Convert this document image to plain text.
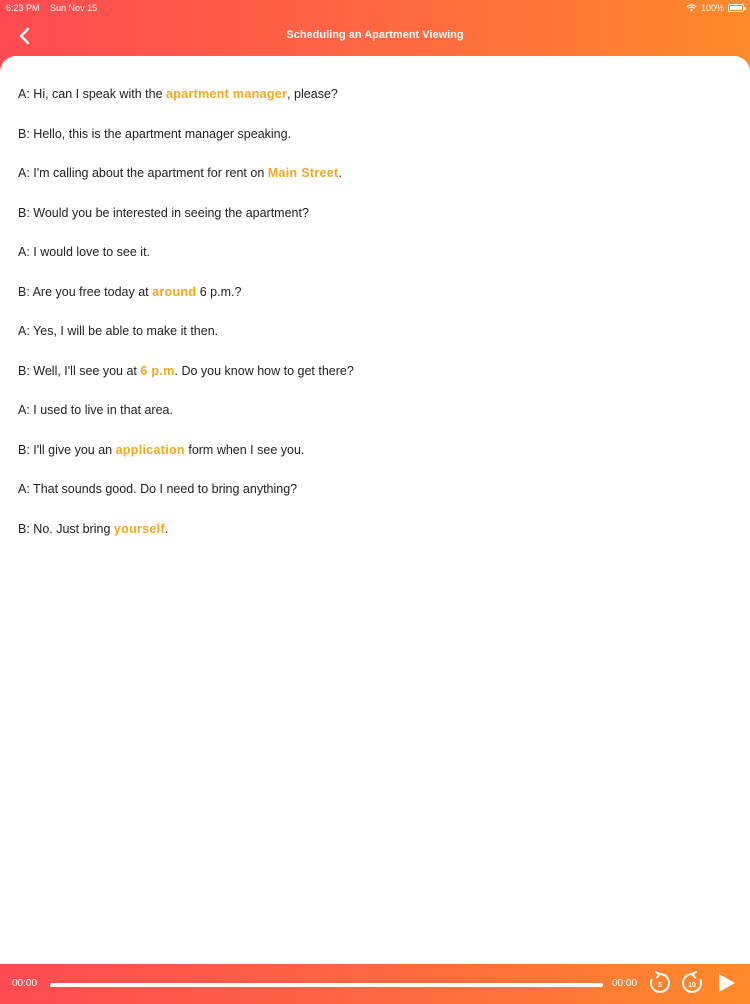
6:23 PM Sun Nov 15	100%
Scheduling an Apartment Viewing
A: Hi, can I speak with the apartment manager, please?
B: Hello, this is the apartment manager speaking.
A: I'm calling about the apartment for rent on Main Street.
B: Would you be interested in seeing the apartment?
A: I would love to see it.
B: Are you free today at around 6 p.m.?
A: Yes, I will be able to make it then.
B: Well, I'll see you at 6 p.m. Do you know how to get there?
A: I used to live in that area.
B: I'll give you an application form when I see you.
A: That sounds good. Do I need to bring anything?
B: No. Just bring yourself.
00:00	00:00	5	10
